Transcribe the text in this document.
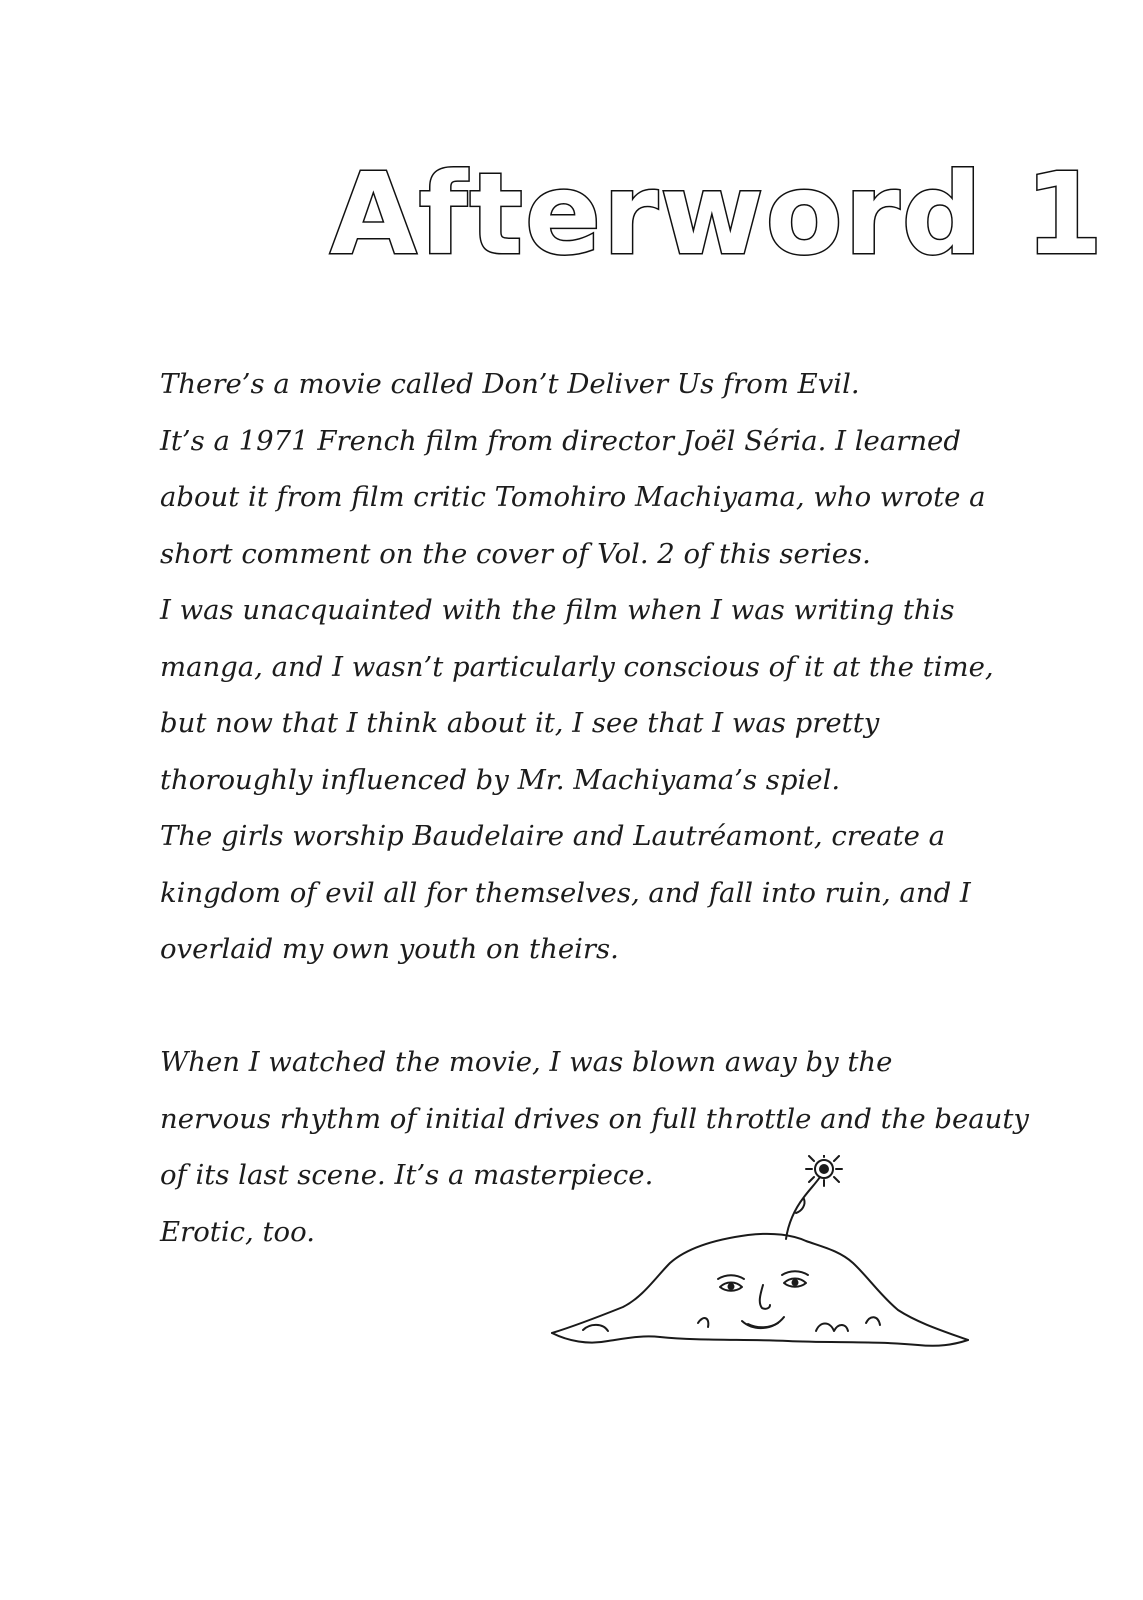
Afterword 1
There’s a movie called Don’t Deliver Us from Evil.
It’s a 1971 French film from director Joël Séria. I learned
about it from film critic Tomohiro Machiyama, who wrote a
short comment on the cover of Vol. 2 of this series.
I was unacquainted with the film when I was writing this
manga, and I wasn’t particularly conscious of it at the time,
but now that I think about it, I see that I was pretty
thoroughly influenced by Mr. Machiyama’s spiel.
The girls worship Baudelaire and Lautréamont, create a
kingdom of evil all for themselves, and fall into ruin, and I
overlaid my own youth on theirs.
When I watched the movie, I was blown away by the
nervous rhythm of initial drives on full throttle and the beauty
of its last scene. It’s a masterpiece.
Erotic, too.
